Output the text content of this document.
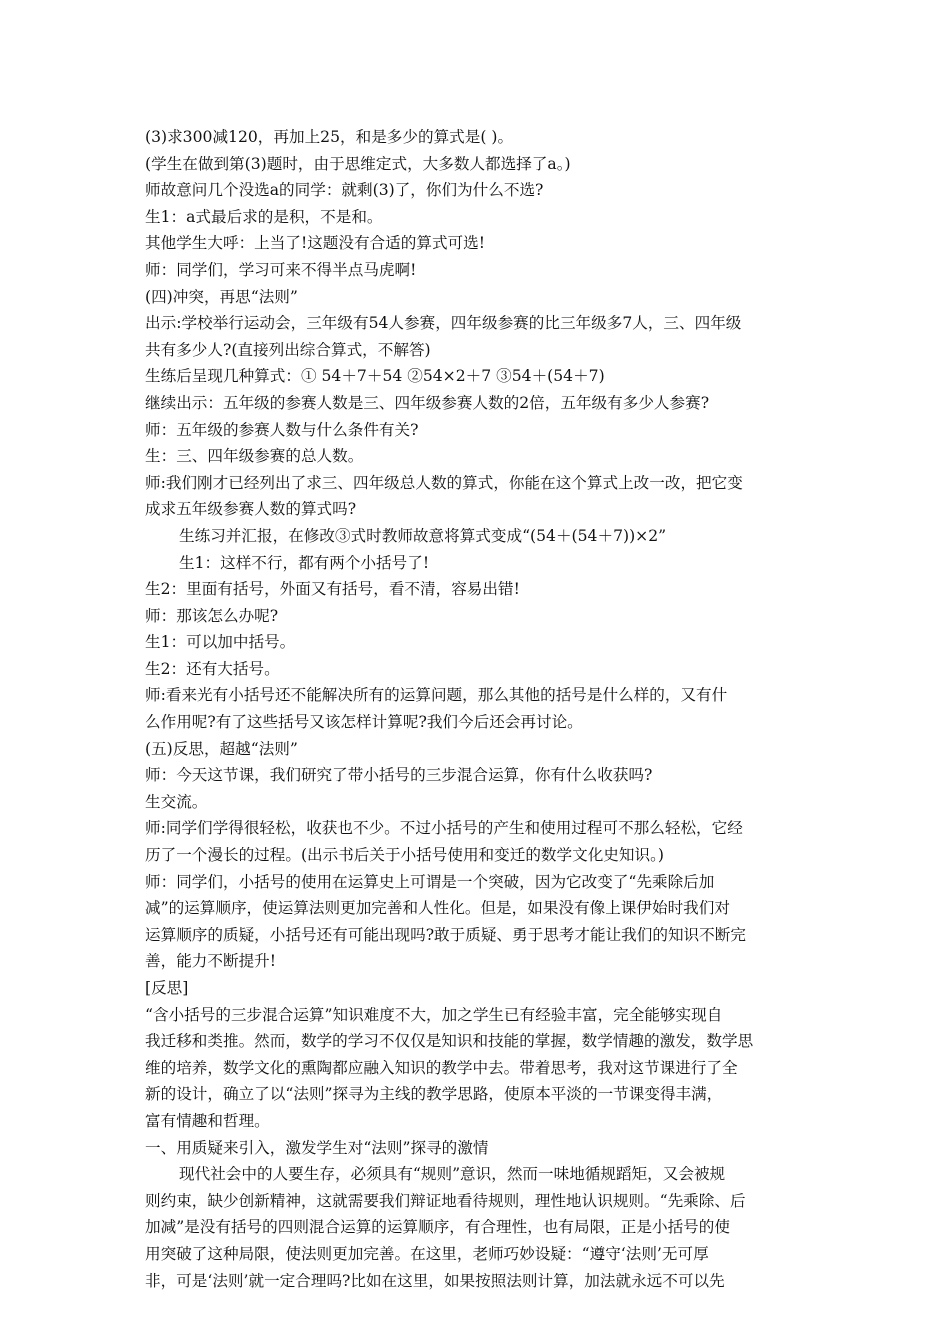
(3)求300减120，再加上25，和是多少的算式是( )。
(学生在做到第(3)题时，由于思维定式，大多数人都选择了a。)
师故意问几个没选a的同学：就剩(3)了，你们为什么不选?
生1：a式最后求的是积，不是和。
其他学生大呼：上当了!这题没有合适的算式可选!
师：同学们，学习可来不得半点马虎啊!
(四)冲突，再思“法则”
出示:学校举行运动会，三年级有54人参赛，四年级参赛的比三年级多7人，三、四年级
共有多少人?(直接列出综合算式，不解答)
生练后呈现几种算式：① 54＋7＋54 ②54×2＋7 ③54＋(54＋7)
继续出示：五年级的参赛人数是三、四年级参赛人数的2倍，五年级有多少人参赛?
师：五年级的参赛人数与什么条件有关?
生：三、四年级参赛的总人数。
师:我们刚才已经列出了求三、四年级总人数的算式，你能在这个算式上改一改，把它变
成求五年级参赛人数的算式吗?
生练习并汇报，在修改③式时教师故意将算式变成“(54＋(54＋7))×2”
生1：这样不行，都有两个小括号了!
生2：里面有括号，外面又有括号，看不清，容易出错!
师：那该怎么办呢?
生1：可以加中括号。
生2：还有大括号。
师:看来光有小括号还不能解决所有的运算问题，那么其他的括号是什么样的，又有什
么作用呢?有了这些括号又该怎样计算呢?我们今后还会再讨论。
(五)反思，超越“法则”
师：今天这节课，我们研究了带小括号的三步混合运算，你有什么收获吗?
生交流。
师:同学们学得很轻松，收获也不少。不过小括号的产生和使用过程可不那么轻松，它经
历了一个漫长的过程。(出示书后关于小括号使用和变迁的数学文化史知识。)
师：同学们，小括号的使用在运算史上可谓是一个突破，因为它改变了“先乘除后加
减”的运算顺序，使运算法则更加完善和人性化。但是，如果没有像上课伊始时我们对
运算顺序的质疑，小括号还有可能出现吗?敢于质疑、勇于思考才能让我们的知识不断完
善，能力不断提升!
[反思]
“含小括号的三步混合运算”知识难度不大，加之学生已有经验丰富，完全能够实现自
我迁移和类推。然而，数学的学习不仅仅是知识和技能的掌握，数学情趣的激发，数学思
维的培养，数学文化的熏陶都应融入知识的教学中去。带着思考，我对这节课进行了全
新的设计，确立了以“法则”探寻为主线的教学思路，使原本平淡的一节课变得丰满，
富有情趣和哲理。
一、用质疑来引入，激发学生对“法则”探寻的激情
现代社会中的人要生存，必须具有“规则”意识，然而一味地循规蹈矩，又会被规
则约束，缺少创新精神，这就需要我们辩证地看待规则，理性地认识规则。“先乘除、后
加减”是没有括号的四则混合运算的运算顺序，有合理性，也有局限，正是小括号的使
用突破了这种局限，使法则更加完善。在这里，老师巧妙设疑：“遵守‘法则’无可厚
非，可是‘法则’就一定合理吗?比如在这里，如果按照法则计算，加法就永远不可以先
